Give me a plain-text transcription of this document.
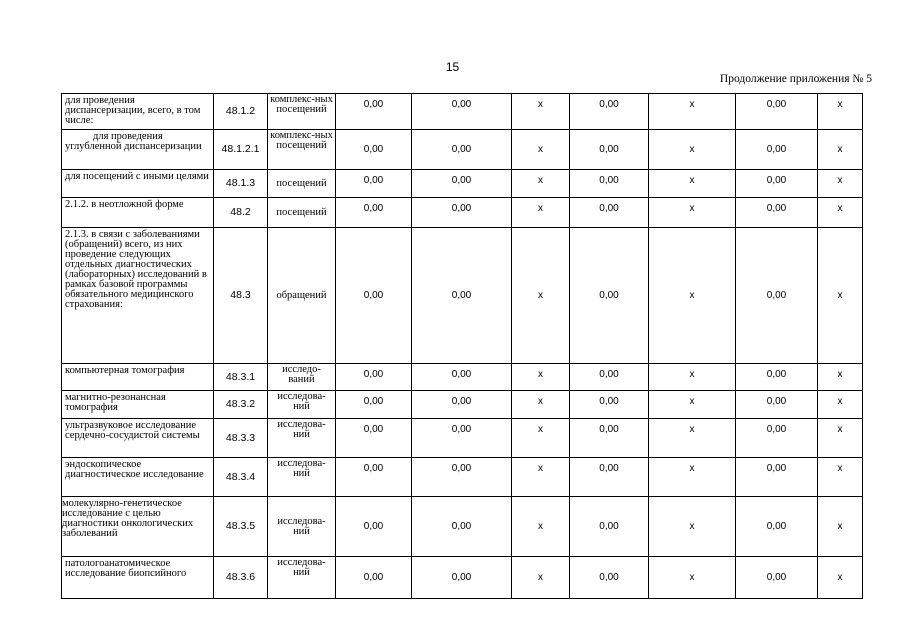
15
Продолжение приложения № 5
для проведения диспансеризации, всего, в том числе:	48.1.2	комплекс-ных посещений	0,00	0,00	x	0,00	x	0,00	x
для проведения углубленной диспансеризации	48.1.2.1	комплекс-ных посещений	0,00	0,00	x	0,00	x	0,00	x
для посещений с иными целями	48.1.3	посещений	0,00	0,00	x	0,00	x	0,00	x
2.1.2. в неотложной форме	48.2	посещений	0,00	0,00	x	0,00	x	0,00	x
2.1.3. в связи с заболеваниями (обращений) всего, из них проведение следующих отдельных диагностических (лабораторных) исследований в рамках базовой программы обязательного медицинского страхования:	48.3	обращений	0,00	0,00	x	0,00	x	0,00	x
компьютерная томография	48.3.1	исследо-ваний	0,00	0,00	x	0,00	x	0,00	x
магнитно-резонансная томография	48.3.2	исследова-ний	0,00	0,00	x	0,00	x	0,00	x
ультразвуковое исследование сердечно-сосудистой системы	48.3.3	исследова-ний	0,00	0,00	x	0,00	x	0,00	x
эндоскопическое диагностическое исследование	48.3.4	исследова-ний	0,00	0,00	x	0,00	x	0,00	x
молекулярно-генетическое исследование с целью диагностики онкологических заболеваний	48.3.5	исследова-ний	0,00	0,00	x	0,00	x	0,00	x
патологоанатомическое исследование биопсийного	48.3.6	исследова-ний	0,00	0,00	x	0,00	x	0,00	x
